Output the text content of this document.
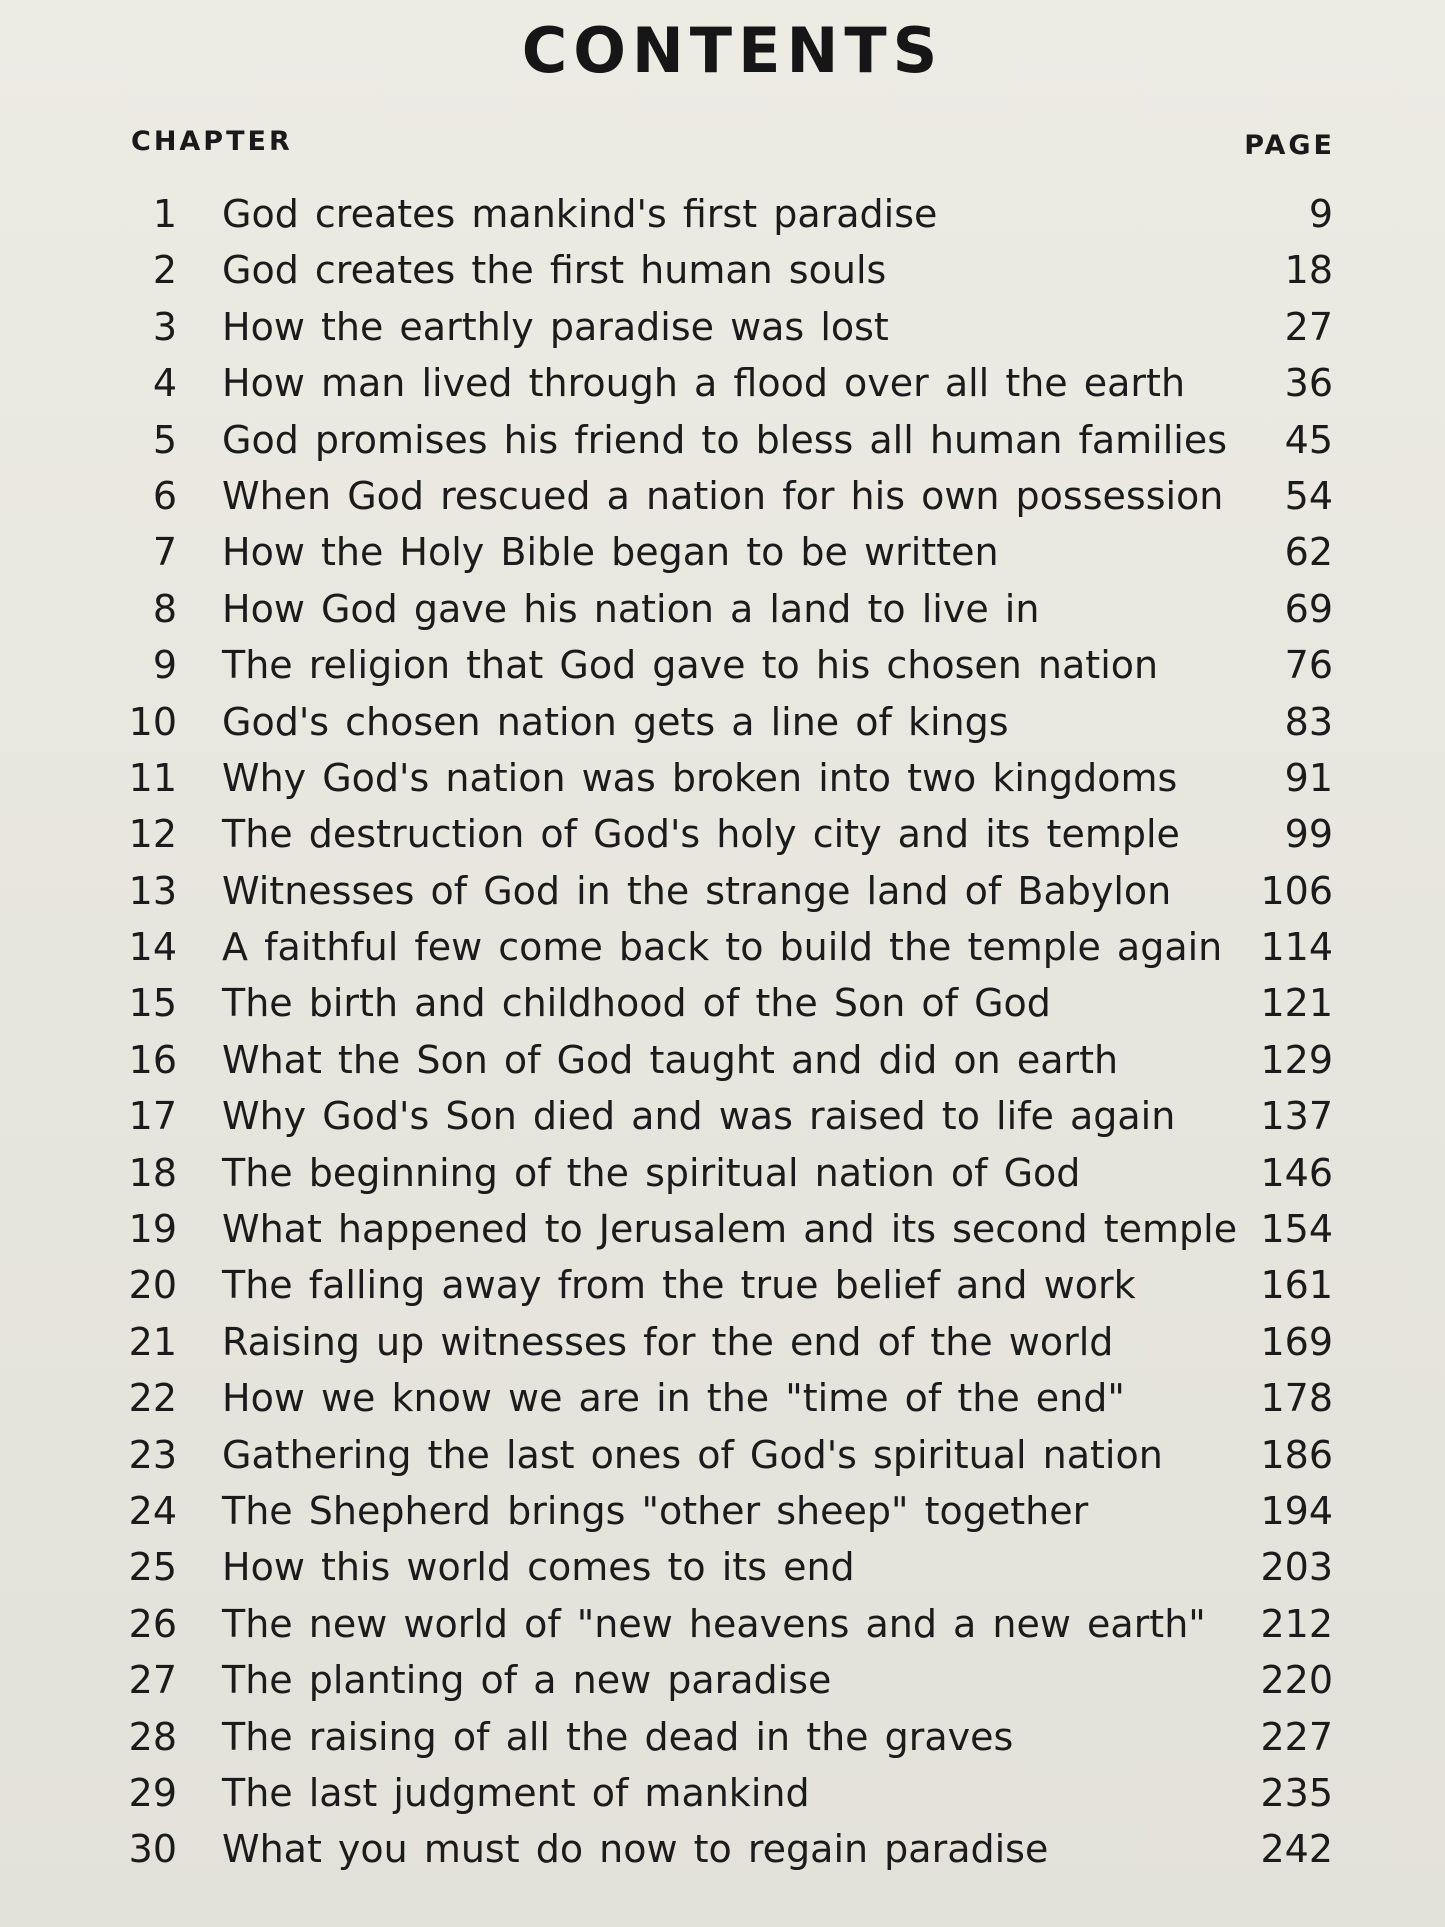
CONTENTS
CHAPTER	PAGE
1 God creates mankind's first paradise	9
2 God creates the first human souls	18
3 How the earthly paradise was lost	27
4 How man lived through a flood over all the earth	36
5 God promises his friend to bless all human families 45
6 When God rescued a nation for his own possession 54
7 How the Holy Bible began to be written	62
8 How God gave his nation a land to live in	69
9 The religion that God gave to his chosen nation	76
10 God's chosen nation gets a line of kings	83
11 Why God's nation was broken into two kingdoms	91
12 The destruction of God's holy city and its temple	99
13 Witnesses of God in the strange land of Babylon 106
14 A faithful few come back to build the temple again 114
15 The birth and childhood of the Son of God	121
16 What the Son of God taught and did on earth	129
17 Why God's Son died and was raised to life again 137
18 The beginning of the spiritual nation of God	146
19 What happened to Jerusalem and its second temple 154
20 The falling away from the true belief and work	161
21 Raising up witnesses for the end of the world	169
22 How we know we are in the "time of the end"	178
23 Gathering the last ones of God's spiritual nation	186
24 The Shepherd brings "other sheep" together	194
25 How this world comes to its end	203
26 The new world of "new heavens and a new earth" 212
27 The planting of a new paradise	220
28 The raising of all the dead in the graves	227
29 The last judgment of mankind	235
30 What you must do now to regain paradise	242
